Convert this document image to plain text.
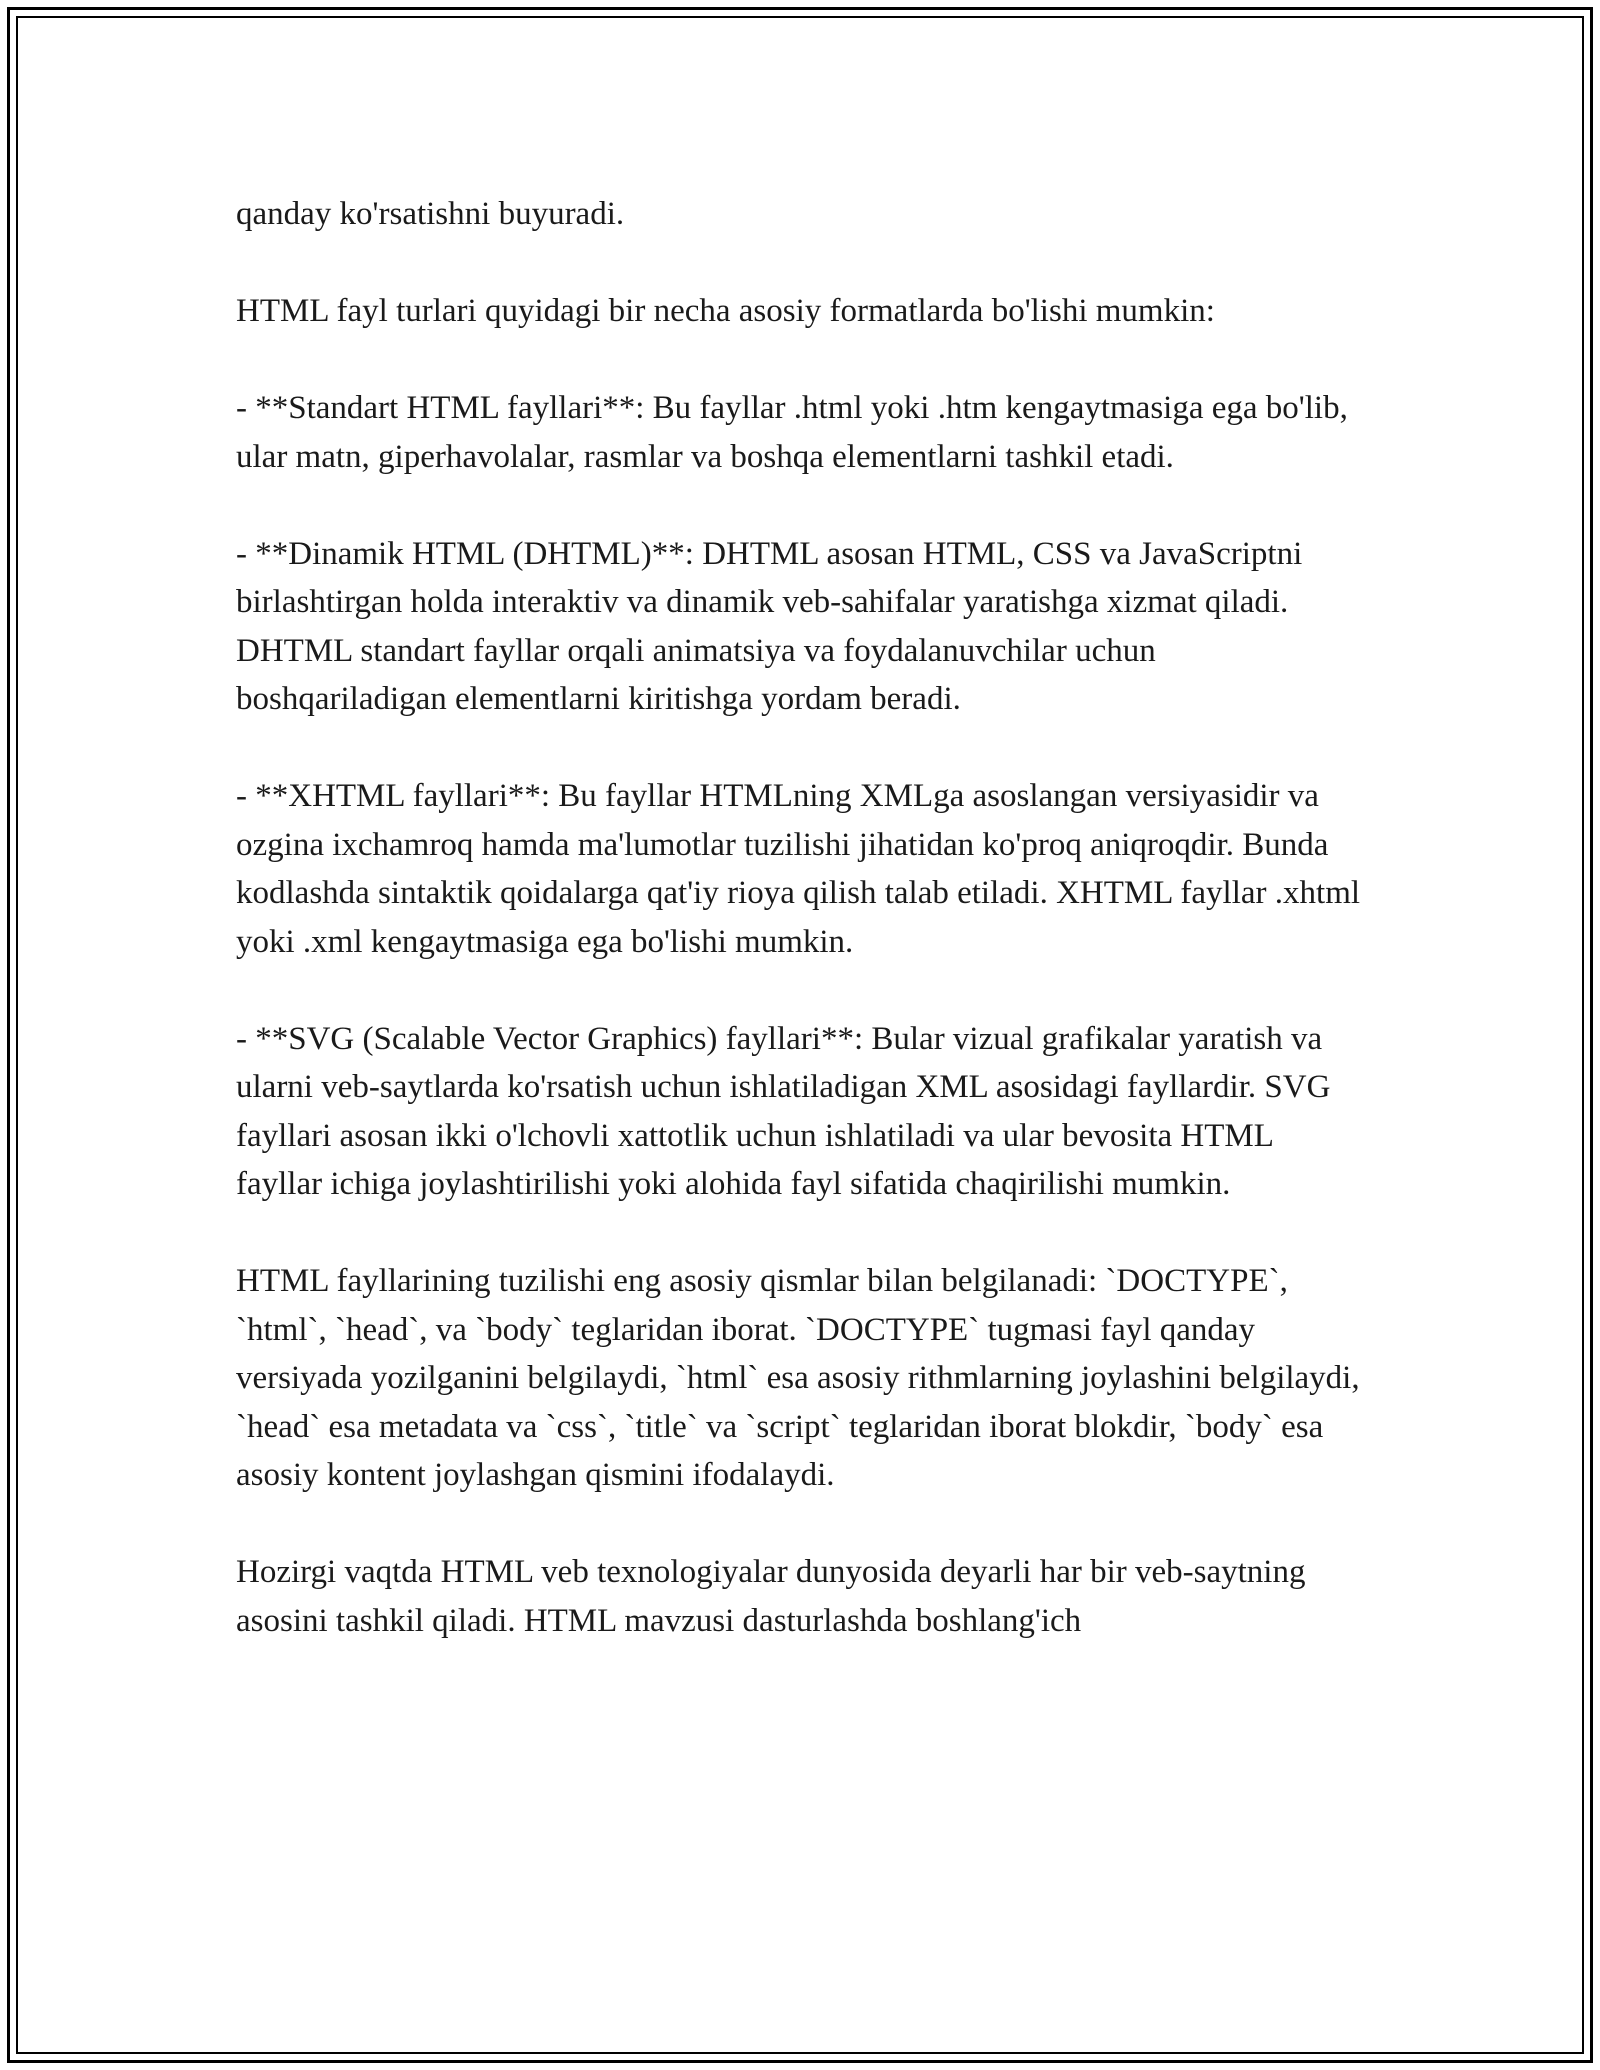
qanday ko'rsatishni buyuradi.

HTML fayl turlari quyidagi bir necha asosiy formatlarda bo'lishi mumkin:

- **Standart HTML fayllari**: Bu fayllar .html yoki .htm kengaytmasiga ega bo'lib, ular matn, giperhavolalar, rasmlar va boshqa elementlarni tashkil etadi.

- **Dinamik HTML (DHTML)**: DHTML asosan HTML, CSS va JavaScriptni birlashtirgan holda interaktiv va dinamik veb-sahifalar yaratishga xizmat qiladi. DHTML standart fayllar orqali animatsiya va foydalanuvchilar uchun boshqariladigan elementlarni kiritishga yordam beradi.

- **XHTML fayllari**: Bu fayllar HTMLning XMLga asoslangan versiyasidir va ozgina ixchamroq hamda ma'lumotlar tuzilishi jihatidan ko'proq aniqroqdir. Bunda kodlashda sintaktik qoidalarga qat'iy rioya qilish talab etiladi. XHTML fayllar .xhtml yoki .xml kengaytmasiga ega bo'lishi mumkin.

- **SVG (Scalable Vector Graphics) fayllari**: Bular vizual grafikalar yaratish va ularni veb-saytlarda ko'rsatish uchun ishlatiladigan XML asosidagi fayllardir. SVG fayllari asosan ikki o'lchovli xattotlik uchun ishlatiladi va ular bevosita HTML fayllar ichiga joylashtirilishi yoki alohida fayl sifatida chaqirilishi mumkin.

HTML fayllarining tuzilishi eng asosiy qismlar bilan belgilanadi: `DOCTYPE`, `html`, `head`, va `body` teglaridan iborat. `DOCTYPE` tugmasi fayl qanday versiyada yozilganini belgilaydi, `html` esa asosiy rithmlarning joylashini belgilaydi, `head` esa metadata va `css`, `title` va `script` teglaridan iborat blokdir, `body` esa asosiy kontent joylashgan qismini ifodalaydi.

Hozirgi vaqtda HTML veb texnologiyalar dunyosida deyarli har bir veb-saytning asosini tashkil qiladi. HTML mavzusi dasturlashda boshlang'ich
